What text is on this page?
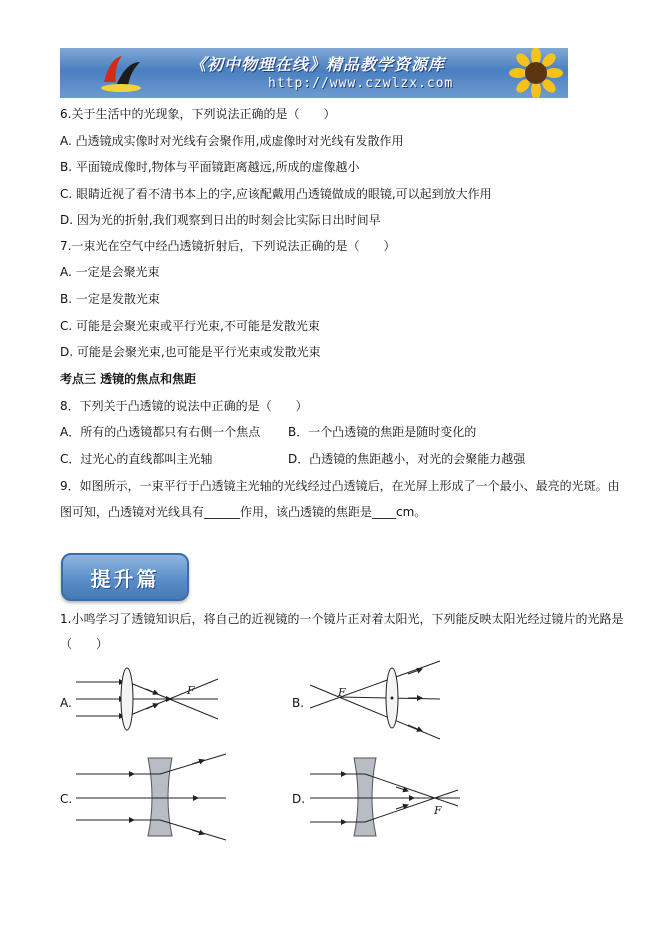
《初中物理在线》精品教学资源库
http://www.czwlzx.com
6.关于生活中的光现象，下列说法正确的是（　　）
A. 凸透镜成实像时对光线有会聚作用,成虚像时对光线有发散作用
B. 平面镜成像时,物体与平面镜距离越远,所成的虚像越小
C. 眼睛近视了看不清书本上的字,应该配戴用凸透镜做成的眼镜,可以起到放大作用
D. 因为光的折射,我们观察到日出的时刻会比实际日出时间早
7.一束光在空气中经凸透镜折射后，下列说法正确的是（　　）
A. 一定是会聚光束
B. 一定是发散光束
C. 可能是会聚光束或平行光束,不可能是发散光束
D. 可能是会聚光束,也可能是平行光束或发散光束
考点三 透镜的焦点和焦距
8．下列关于凸透镜的说法中正确的是（　　）
A．所有的凸透镜都只有右侧一个焦点 B．一个凸透镜的焦距是随时变化的
C．过光心的直线都叫主光轴	D．凸透镜的焦距越小，对光的会聚能力越强
9．如图所示，一束平行于凸透镜主光轴的光线经过凸透镜后，在光屏上形成了一个最小、最亮的光斑。由
图可知，凸透镜对光线具有______作用，该凸透镜的焦距是____cm。
提升篇
1.小鸣学习了透镜知识后，将自己的近视镜的一个镜片正对着太阳光，下列能反映太阳光经过镜片的光路是
（　　）
A.	B.
C.	D.
F	F
F
